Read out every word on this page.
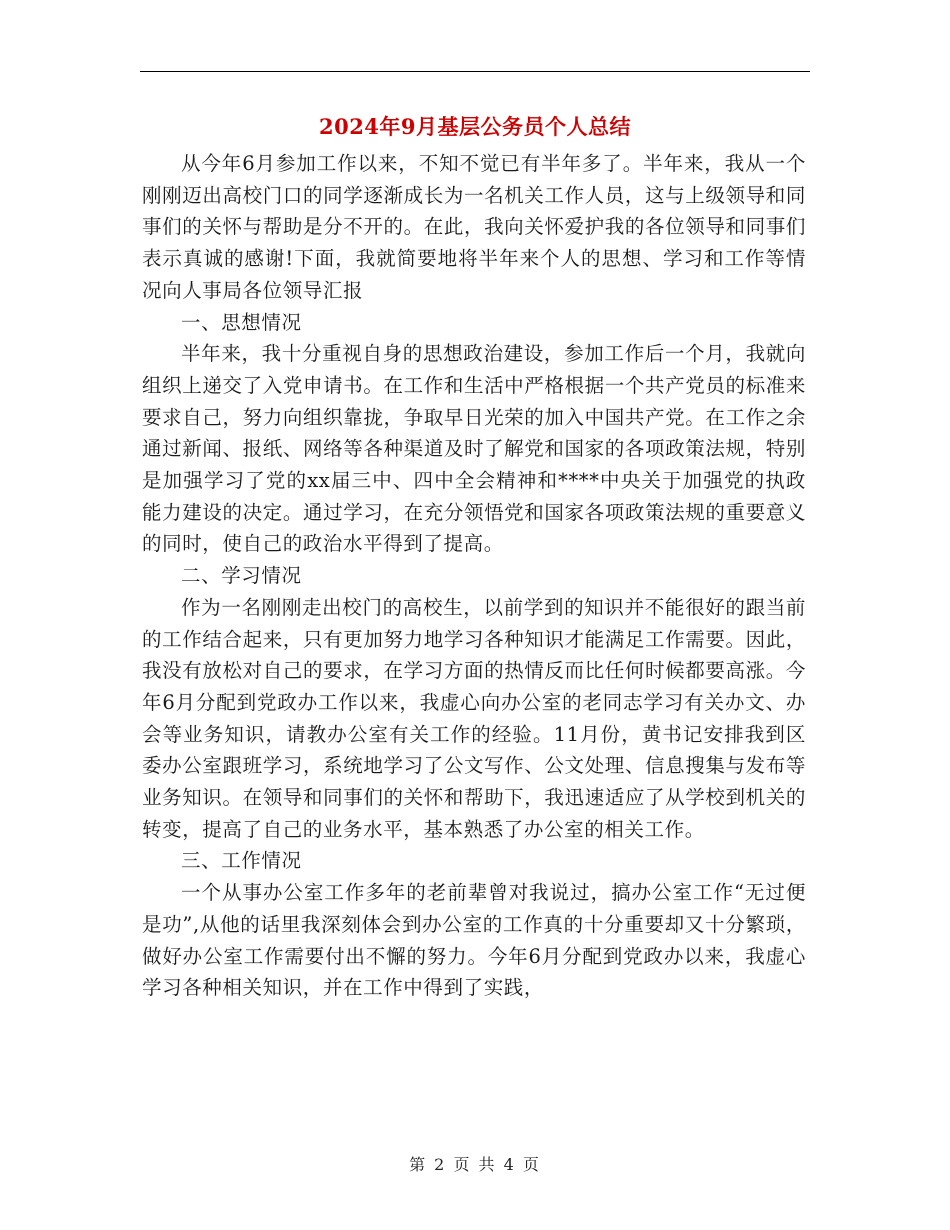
2024年9月基层公务员个人总结

从今年6月参加工作以来，不知不觉已有半年多了。半年来，我从一个刚刚迈出高校门口的同学逐渐成长为一名机关工作人员，这与上级领导和同事们的关怀与帮助是分不开的。在此，我向关怀爱护我的各位领导和同事们表示真诚的感谢!下面，我就简要地将半年来个人的思想、学习和工作等情况向人事局各位领导汇报

一、思想情况

半年来，我十分重视自身的思想政治建设，参加工作后一个月，我就向组织上递交了入党申请书。在工作和生活中严格根据一个共产党员的标准来要求自己，努力向组织靠拢，争取早日光荣的加入中国共产党。在工作之余通过新闻、报纸、网络等各种渠道及时了解党和国家的各项政策法规，特别是加强学习了党的xx届三中、四中全会精神和****中央关于加强党的执政能力建设的决定。通过学习，在充分领悟党和国家各项政策法规的重要意义的同时，使自己的政治水平得到了提高。

二、学习情况

作为一名刚刚走出校门的高校生，以前学到的知识并不能很好的跟当前的工作结合起来，只有更加努力地学习各种知识才能满足工作需要。因此，我没有放松对自己的要求，在学习方面的热情反而比任何时候都要高涨。今年6月分配到党政办工作以来，我虚心向办公室的老同志学习有关办文、办会等业务知识，请教办公室有关工作的经验。11月份，黄书记安排我到区委办公室跟班学习，系统地学习了公文写作、公文处理、信息搜集与发布等业务知识。在领导和同事们的关怀和帮助下，我迅速适应了从学校到机关的转变，提高了自己的业务水平，基本熟悉了办公室的相关工作。

三、工作情况

一个从事办公室工作多年的老前辈曾对我说过，搞办公室工作“无过便是功”,从他的话里我深刻体会到办公室的工作真的十分重要却又十分繁琐，做好办公室工作需要付出不懈的努力。今年6月分配到党政办以来，我虚心学习各种相关知识，并在工作中得到了实践，

第 2 页 共 4 页
